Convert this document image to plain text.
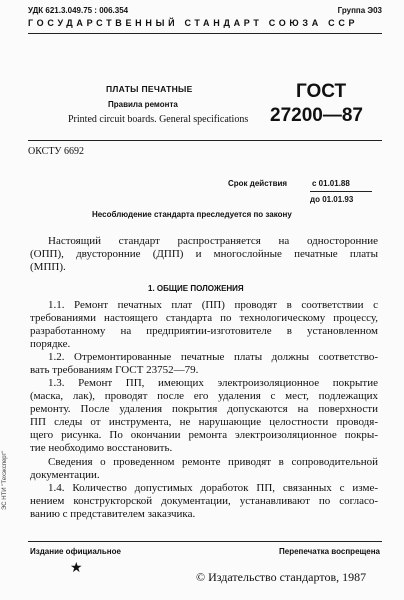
УДК 621.3.049.75 : 006.354	Группа Э03
ГОСУДАРСТВЕННЫЙ СТАНДАРТ СОЮЗА ССР
ПЛАТЫ ПЕЧАТНЫЕ
Правила ремонта
Printed circuit boards. General specifications
ГОСТ
27200—87
ОКСТУ 6692
Срок действия	с 01.01.88
до 01.01.93
Несоблюдение стандарта преследуется по закону
Настоящий стандарт распространяется на односторонние
(ОПП), двусторонние (ДПП) и многослойные печатные платы
(МПП).
1. ОБЩИЕ ПОЛОЖЕНИЯ
1.1. Ремонт печатных плат (ПП) проводят в соответствии с
требованиями настоящего стандарта по технологическому процессу,
разработанному на предприятии-изготовителе в установленном
порядке.
1.2. Отремонтированные печатные платы должны соответство-
вать требованиям ГОСТ 23752—79.
1.3. Ремонт ПП, имеющих электроизоляционное покрытие
(маска, лак), проводят после его удаления с мест, подлежащих
ремонту. После удаления покрытия допускаются на поверхности
ПП следы от инструмента, не нарушающие целостности проводя-
щего рисунка. По окончании ремонта электроизоляционное покры-
тие необходимо восстановить.
Сведения о проведенном ремонте приводят в сопроводительной
документации.
1.4. Количество допустимых доработок ПП, связанных с изме-
нением конструкторской документации, устанавливают по согласо-
ванию с представителем заказчика.
Издание официальное	Перепечатка воспрещена
★
© Издательство стандартов, 1987
ЭС НТИ "Техэксперт"
